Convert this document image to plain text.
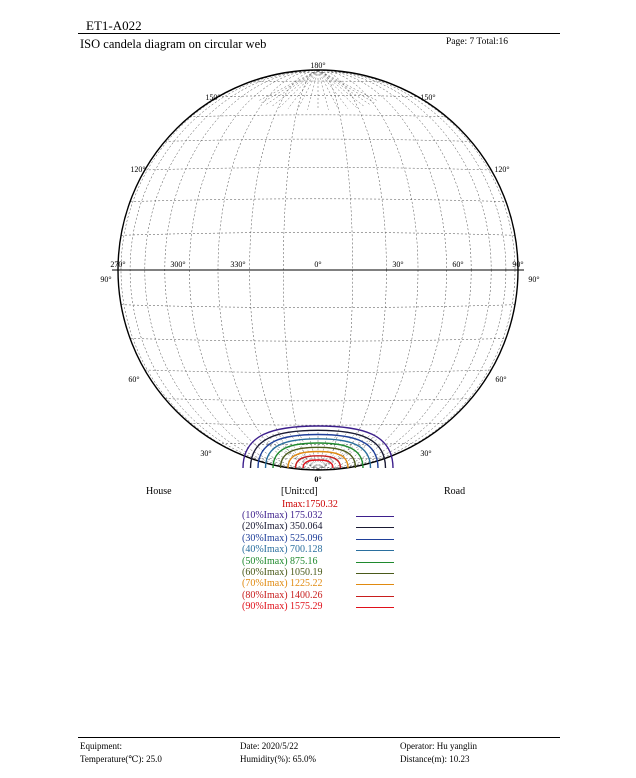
ET1-A022
ISO candela diagram on circular web	Page: 7 Total:16
270°	300°	330°	0°	30°	60°	90°
180°
150°	150°
120°	120°
90°	90°
60°	60°
30°	30°
0°
House	[Unit:cd]	Road
Imax:1750.32
(10%Imax) 175.032
(20%Imax) 350.064
(30%Imax) 525.096
(40%Imax) 700.128
(50%Imax) 875.16
(60%Imax) 1050.19
(70%Imax) 1225.22
(80%Imax) 1400.26
(90%Imax) 1575.29
Equipment:
Temperature(℃): 25.0
Date: 2020/5/22
Humidity(%): 65.0%
Operator: Hu yanglin
Distance(m): 10.23
